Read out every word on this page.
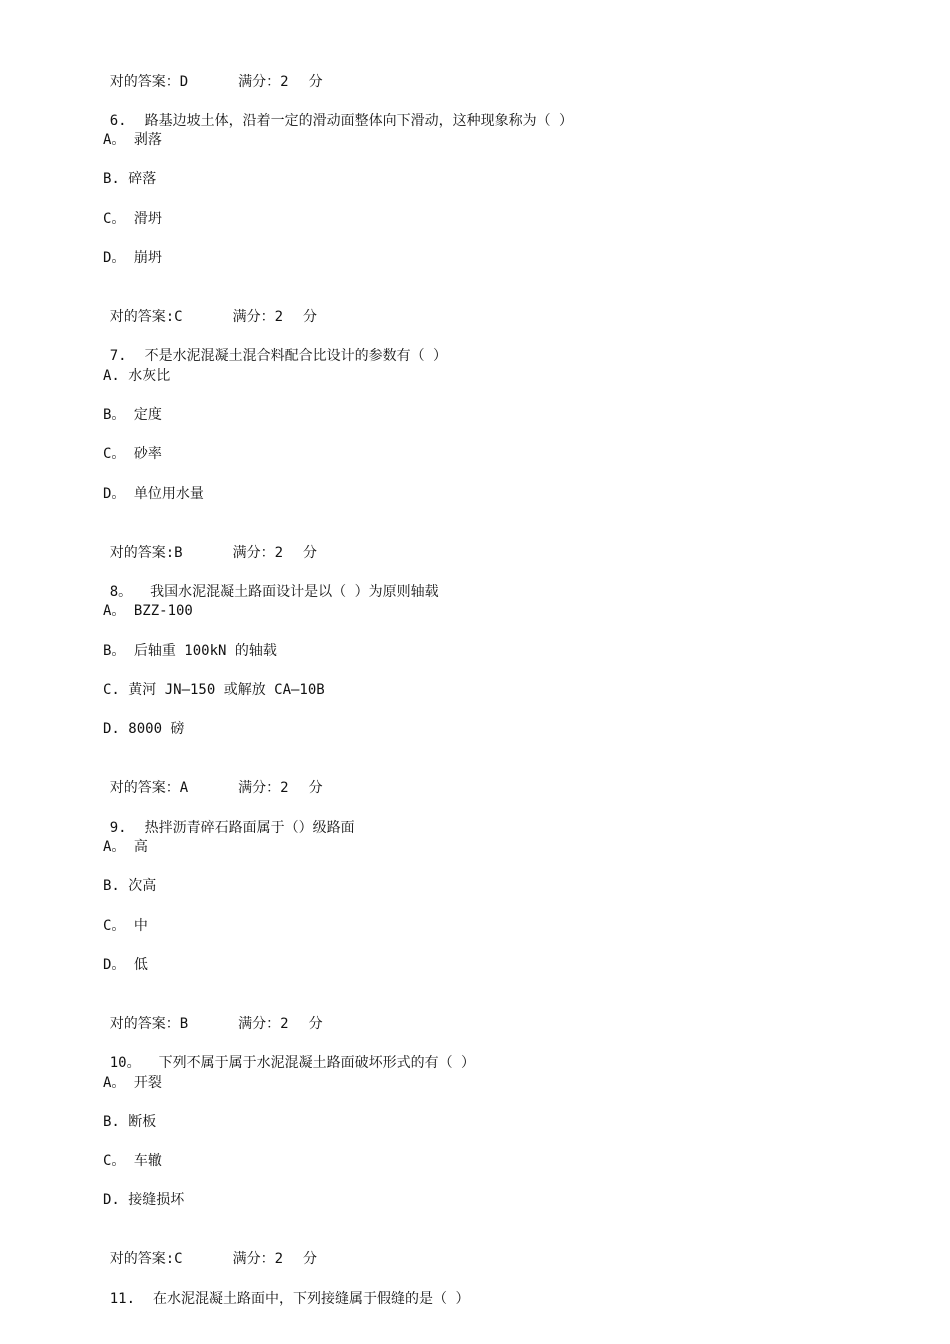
对的答案：D	满分：2 分

6. 路基边坡土体，沿着一定的滑动面整体向下滑动，这种现象称为（ ）

A。 剥落
B. 碎落
C。 滑坍
D。 崩坍

对的答案:C	满分：2 分

7. 不是水泥混凝土混合料配合比设计的参数有（ ）

A. 水灰比
B。 定度
C。 砂率
D。 单位用水量

对的答案:B	满分：2 分

8。 我国水泥混凝土路面设计是以（ ）为原则轴载

A。 BZZ-100
B。 后轴重 100kN 的轴载
C. 黄河 JN—150 或解放 CA—10B
D. 8000 磅

对的答案：A	满分：2 分

9. 热拌沥青碎石路面属于（）级路面

A。 高
B. 次高
C。 中
D。 低

对的答案：B	满分：2 分

10。 下列不属于属于水泥混凝土路面破坏形式的有（ ）

A。 开裂
B. 断板
C。 车辙
D. 接缝损坏

对的答案:C	满分：2 分

11. 在水泥混凝土路面中，下列接缝属于假缝的是（ ）
